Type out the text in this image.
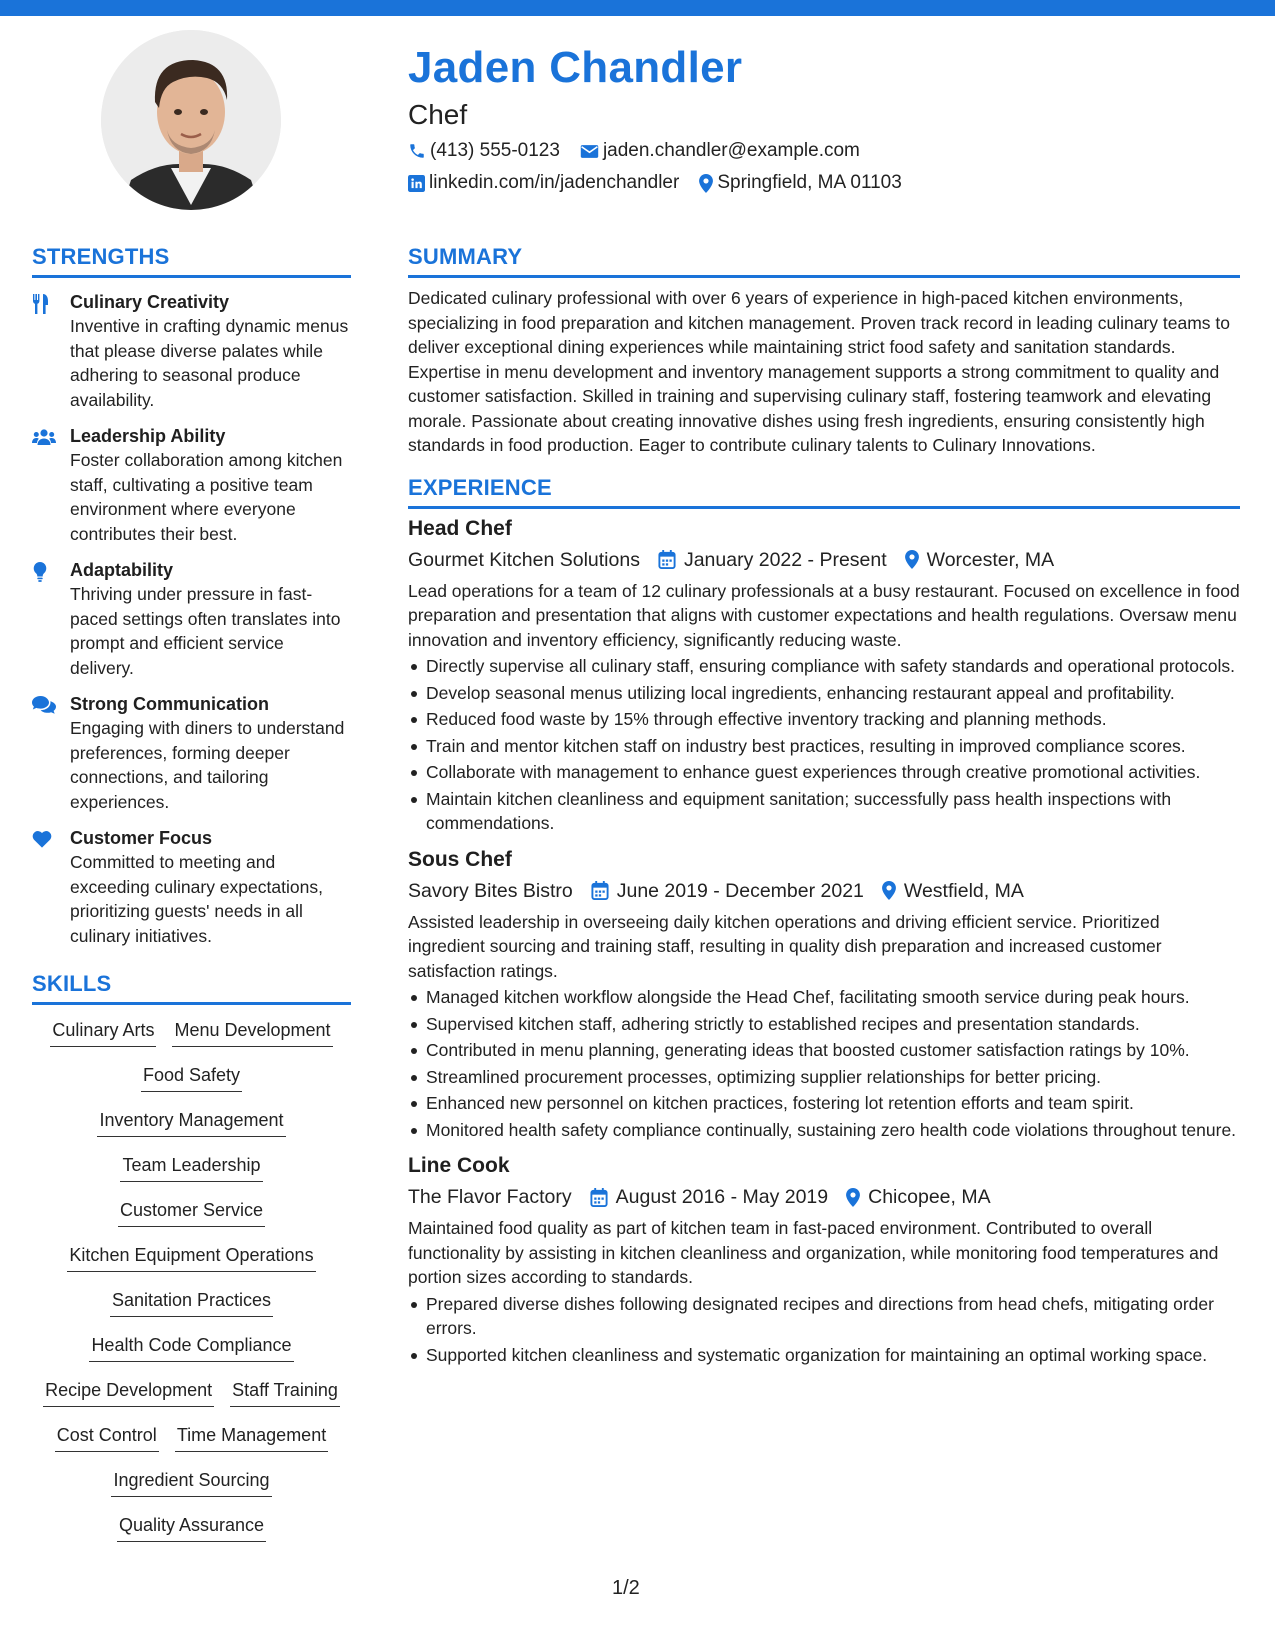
Jaden Chandler
Chef
(413) 555-0123 jaden.chandler@example.com
linkedin.com/in/jadenchandler Springfield, MA 01103
STRENGTHS
Culinary Creativity
Inventive in crafting dynamic menus that please diverse palates while adhering to seasonal produce availability.
Leadership Ability
Foster collaboration among kitchen staff, cultivating a positive team environment where everyone contributes their best.
Adaptability
Thriving under pressure in fast-paced settings often translates into prompt and efficient service delivery.
Strong Communication
Engaging with diners to understand preferences, forming deeper connections, and tailoring experiences.
Customer Focus
Committed to meeting and exceeding culinary expectations, prioritizing guests' needs in all culinary initiatives.
SKILLS
Culinary Arts Menu Development
Food Safety
Inventory Management
Team Leadership
Customer Service
Kitchen Equipment Operations
Sanitation Practices
Health Code Compliance
Recipe Development Staff Training
Cost Control Time Management
Ingredient Sourcing
Quality Assurance
SUMMARY
Dedicated culinary professional with over 6 years of experience in high-paced kitchen environments, specializing in food preparation and kitchen management. Proven track record in leading culinary teams to deliver exceptional dining experiences while maintaining strict food safety and sanitation standards. Expertise in menu development and inventory management supports a strong commitment to quality and customer satisfaction. Skilled in training and supervising culinary staff, fostering teamwork and elevating morale. Passionate about creating innovative dishes using fresh ingredients, ensuring consistently high standards in food production. Eager to contribute culinary talents to Culinary Innovations.
EXPERIENCE
Head Chef
Gourmet Kitchen Solutions January 2022 - Present Worcester, MA
Lead operations for a team of 12 culinary professionals at a busy restaurant. Focused on excellence in food preparation and presentation that aligns with customer expectations and health regulations. Oversaw menu innovation and inventory efficiency, significantly reducing waste.
Directly supervise all culinary staff, ensuring compliance with safety standards and operational protocols.
Develop seasonal menus utilizing local ingredients, enhancing restaurant appeal and profitability.
Reduced food waste by 15% through effective inventory tracking and planning methods.
Train and mentor kitchen staff on industry best practices, resulting in improved compliance scores.
Collaborate with management to enhance guest experiences through creative promotional activities.
Maintain kitchen cleanliness and equipment sanitation; successfully pass health inspections with commendations.
Sous Chef
Savory Bites Bistro June 2019 - December 2021 Westfield, MA
Assisted leadership in overseeing daily kitchen operations and driving efficient service. Prioritized ingredient sourcing and training staff, resulting in quality dish preparation and increased customer satisfaction ratings.
Managed kitchen workflow alongside the Head Chef, facilitating smooth service during peak hours.
Supervised kitchen staff, adhering strictly to established recipes and presentation standards.
Contributed in menu planning, generating ideas that boosted customer satisfaction ratings by 10%.
Streamlined procurement processes, optimizing supplier relationships for better pricing.
Enhanced new personnel on kitchen practices, fostering lot retention efforts and team spirit.
Monitored health safety compliance continually, sustaining zero health code violations throughout tenure.
Line Cook
The Flavor Factory August 2016 - May 2019 Chicopee, MA
Maintained food quality as part of kitchen team in fast-paced environment. Contributed to overall functionality by assisting in kitchen cleanliness and organization, while monitoring food temperatures and portion sizes according to standards.
Prepared diverse dishes following designated recipes and directions from head chefs, mitigating order errors.
Supported kitchen cleanliness and systematic organization for maintaining an optimal working space.
1/2
